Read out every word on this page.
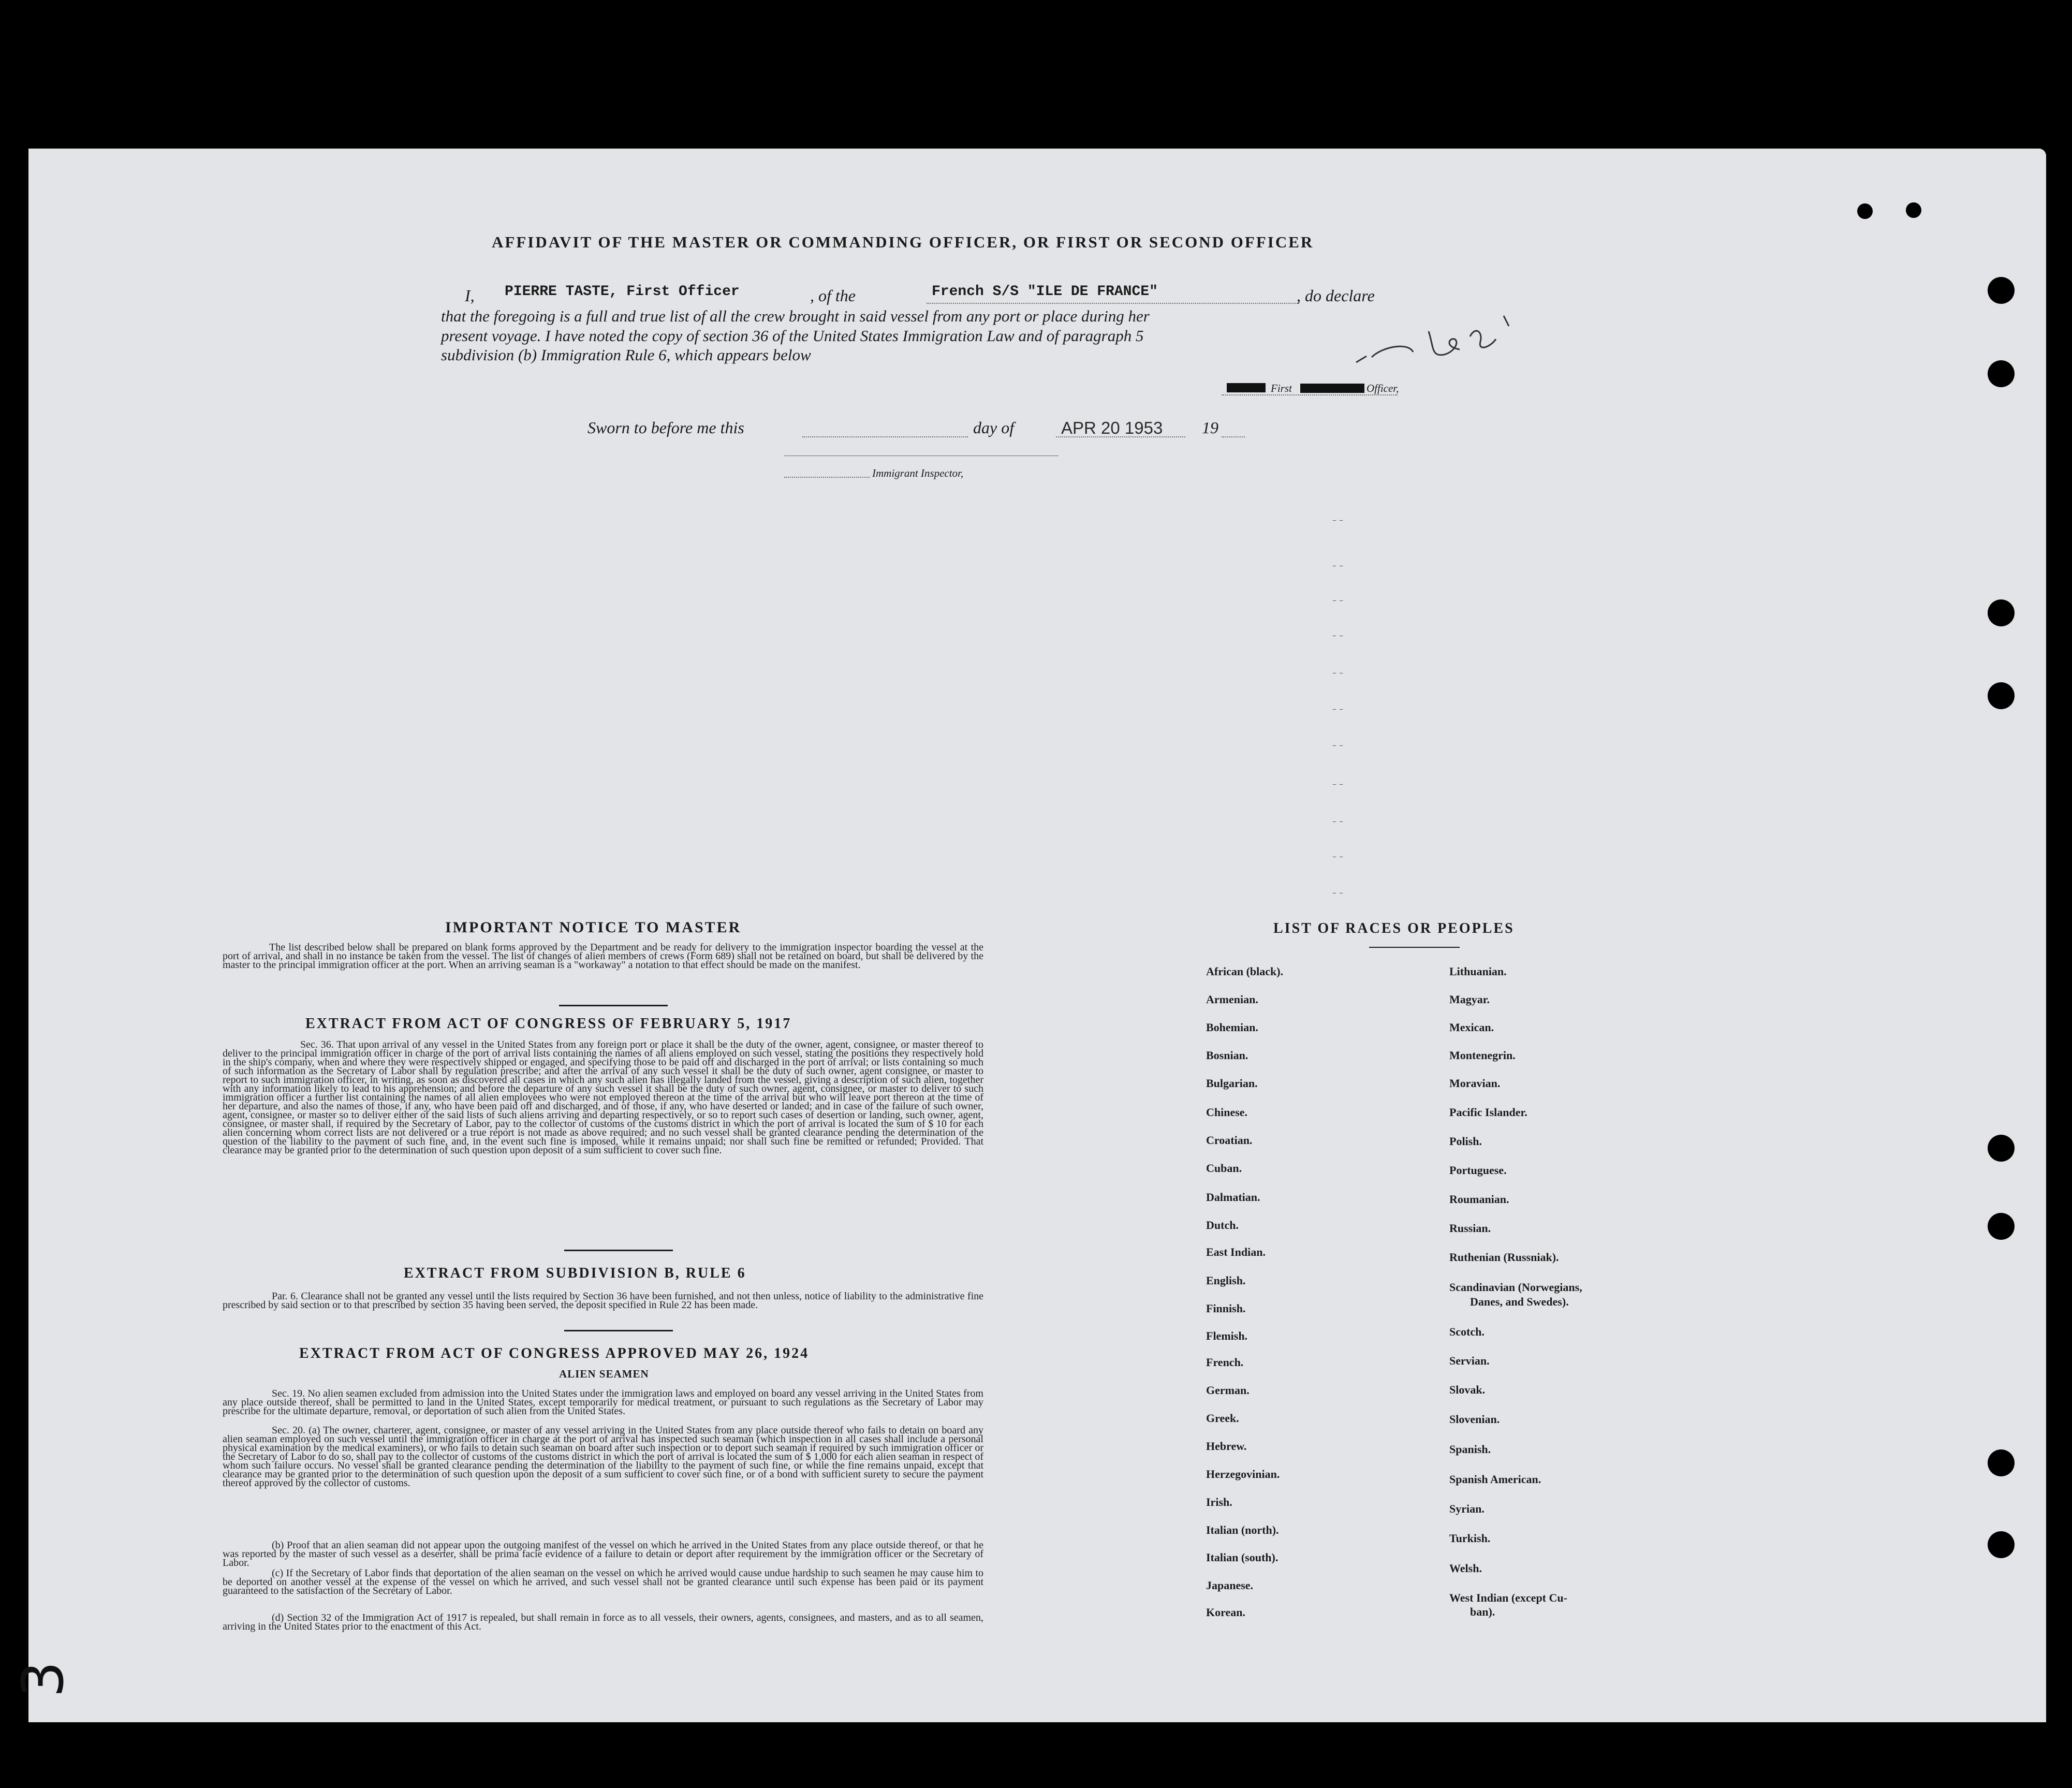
AFFIDAVIT OF THE MASTER OR COMMANDING OFFICER, OR FIRST OR SECOND OFFICER
I, PIERRE TASTE, First Officer	, of the	French S/S "ILE DE FRANCE"	, do declare
that the foregoing is a full and true list of all the crew brought in said vessel from any port or place during her
present voyage. I have noted the copy of section 36 of the United States Immigration Law and of paragraph 5
subdivision (b) Immigration Rule 6, which appears below
First	Officer,
Sworn to before me this	day of	APR 20 1953 19
Immigrant Inspector,
– –
– –
– –
– –
– –
– –
– –
– –
– –
– –
– –
IMPORTANT NOTICE TO MASTER
The list described below shall be prepared on blank forms approved by the Department and be ready for delivery to the immigration inspector boarding the vessel at the port of arrival, and shall in no instance be taken from the vessel. The list of changes of alien members of crews (Form 689) shall not be retained on board, but shall be delivered by the master to the principal immigration officer at the port. When an arriving seaman is a "workaway" a notation to that effect should be made on the manifest.
EXTRACT FROM ACT OF CONGRESS OF FEBRUARY 5, 1917
Sec. 36. That upon arrival of any vessel in the United States from any foreign port or place it shall be the duty of the owner, agent, consignee, or master thereof to deliver to the principal immigration officer in charge of the port of arrival lists containing the names of all aliens employed on such vessel, stating the positions they respectively hold in the ship's company, when and where they were respectively shipped or engaged, and specifying those to be paid off and discharged in the port of arrival; or lists containing so much of such information as the Secretary of Labor shall by regulation prescribe; and after the arrival of any such vessel it shall be the duty of such owner, agent consignee, or master to report to such immigration officer, in writing, as soon as discovered all cases in which any such alien has illegally landed from the vessel, giving a description of such alien, together with any information likely to lead to his apprehension; and before the departure of any such vessel it shall be the duty of such owner, agent, consignee, or master to deliver to such immigration officer a further list containing the names of all alien employees who were not employed thereon at the time of the arrival but who will leave port thereon at the time of her departure, and also the names of those, if any, who have been paid off and discharged, and of those, if any, who have deserted or landed; and in case of the failure of such owner, agent, consignee, or master so to deliver either of the said lists of such aliens arriving and departing respectively, or so to report such cases of desertion or landing, such owner, agent, consignee, or master shall, if required by the Secretary of Labor, pay to the collector of customs of the customs district in which the port of arrival is located the sum of $ 10 for each alien concerning whom correct lists are not delivered or a true report is not made as above required; and no such vessel shall be granted clearance pending the determination of the question of the liability to the payment of such fine, and, in the event such fine is imposed, while it remains unpaid; nor shall such fine be remitted or refunded; Provided. That clearance may be granted prior to the determination of such question upon deposit of a sum sufficient to cover such fine.
EXTRACT FROM SUBDIVISION B, RULE 6
Par. 6. Clearance shall not be granted any vessel until the lists required by Section 36 have been furnished, and not then unless, notice of liability to the administrative fine prescribed by said section or to that prescribed by section 35 having been served, the deposit specified in Rule 22 has been made.
EXTRACT FROM ACT OF CONGRESS APPROVED MAY 26, 1924
ALIEN SEAMEN
Sec. 19. No alien seamen excluded from admission into the United States under the immigration laws and employed on board any vessel arriving in the United States from any place outside thereof, shall be permitted to land in the United States, except temporarily for medical treatment, or pursuant to such regulations as the Secretary of Labor may prescribe for the ultimate departure, removal, or deportation of such alien from the United States.
Sec. 20. (a) The owner, charterer, agent, consignee, or master of any vessel arriving in the United States from any place outside thereof who fails to detain on board any alien seaman employed on such vessel until the immigration officer in charge at the port of arrival has inspected such seaman (which inspection in all cases shall include a personal physical examination by the medical examiners), or who fails to detain such seaman on board after such inspection or to deport such seaman if required by such immigration officer or the Secretary of Labor to do so, shall pay to the collector of customs of the customs district in which the port of arrival is located the sum of $ 1,000 for each alien seaman in respect of whom such failure occurs. No vessel shall be granted clearance pending the determination of the liability to the payment of such fine, or while the fine remains unpaid, except that clearance may be granted prior to the determination of such question upon the deposit of a sum sufficient to cover such fine, or of a bond with sufficient surety to secure the payment thereof approved by the collector of customs.
(b) Proof that an alien seaman did not appear upon the outgoing manifest of the vessel on which he arrived in the United States from any place outside thereof, or that he was reported by the master of such vessel as a deserter, shall be prima facie evidence of a failure to detain or deport after requirement by the immigration officer or the Secretary of Labor.
(c) If the Secretary of Labor finds that deportation of the alien seaman on the vessel on which he arrived would cause undue hardship to such seamen he may cause him to be deported on another vessel at the expense of the vessel on which he arrived, and such vessel shall not be granted clearance until such expense has been paid or its payment guaranteed to the satisfaction of the Secretary of Labor.
(d) Section 32 of the Immigration Act of 1917 is repealed, but shall remain in force as to all vessels, their owners, agents, consignees, and masters, and as to all seamen, arriving in the United States prior to the enactment of this Act.
LIST OF RACES OR PEOPLES
African (black).
Armenian.
Bohemian.
Bosnian.
Bulgarian.
Chinese.
Croatian.
Cuban.
Dalmatian.
Dutch.
East Indian.
English.
Finnish.
Flemish.
French.
German.
Greek.
Hebrew.
Herzegovinian.
Irish.
Italian (north).
Italian (south).
Japanese.
Korean.
Lithuanian.
Magyar.
Mexican.
Montenegrin.
Moravian.
Pacific Islander.
Polish.
Portuguese.
Roumanian.
Russian.
Ruthenian (Russniak).
Scandinavian (Norwegians,
Danes, and Swedes).
Scotch.
Servian.
Slovak.
Slovenian.
Spanish.
Spanish American.
Syrian.
Turkish.
Welsh.
West Indian (except Cu-
ban).
3
